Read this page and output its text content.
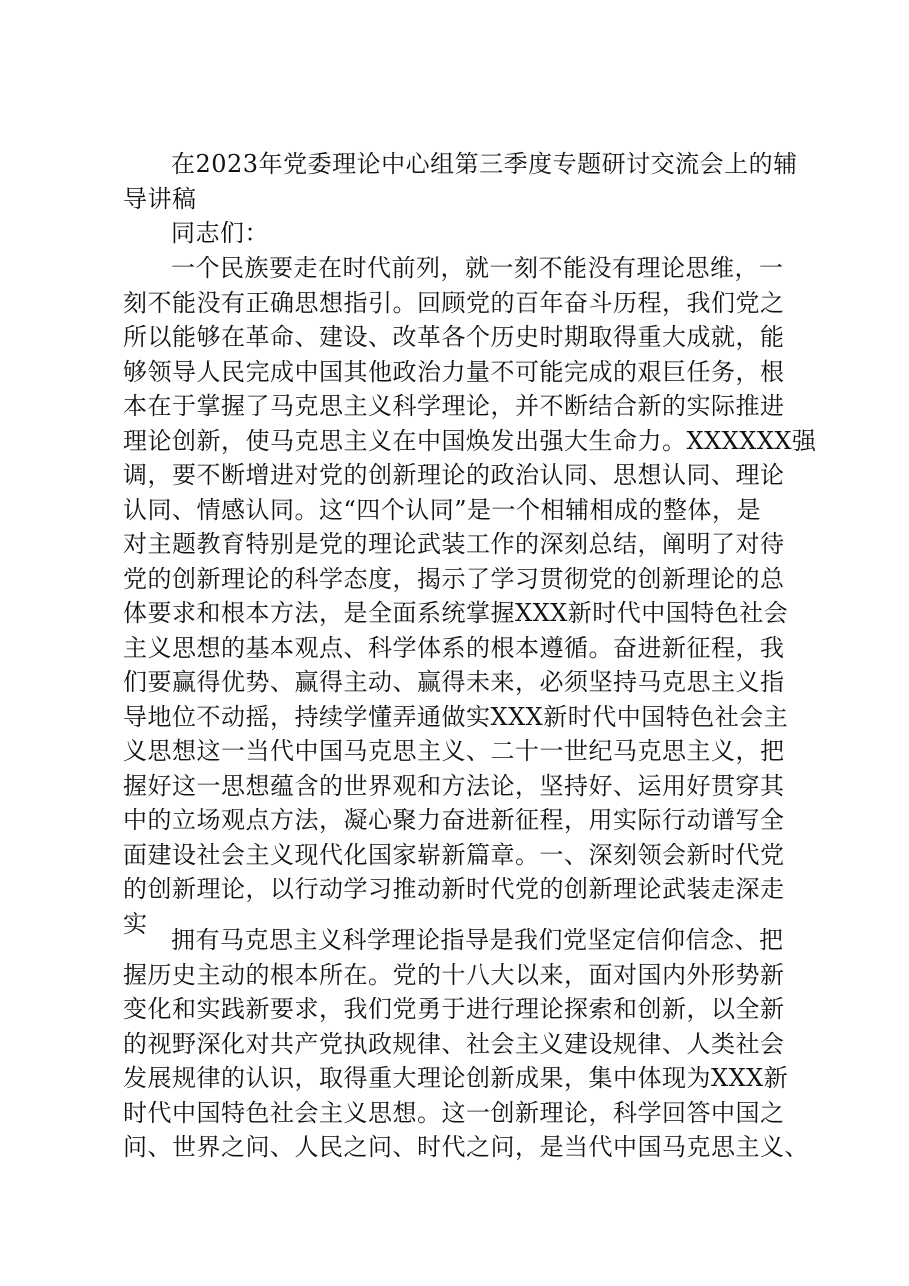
在2023年党委理论中心组第三季度专题研讨交流会上的辅
导讲稿
同志们：
一个民族要走在时代前列，就一刻不能没有理论思维，一
刻不能没有正确思想指引。回顾党的百年奋斗历程，我们党之
所以能够在革命、建设、改革各个历史时期取得重大成就，能
够领导人民完成中国其他政治力量不可能完成的艰巨任务，根
本在于掌握了马克思主义科学理论，并不断结合新的实际推进
理论创新，使马克思主义在中国焕发出强大生命力。XXXXXX强
调，要不断增进对党的创新理论的政治认同、思想认同、理论
认同、情感认同。这“四个认同”是一个相辅相成的整体，是
对主题教育特别是党的理论武装工作的深刻总结，阐明了对待
党的创新理论的科学态度，揭示了学习贯彻党的创新理论的总
体要求和根本方法，是全面系统掌握XXX新时代中国特色社会
主义思想的基本观点、科学体系的根本遵循。奋进新征程，我
们要赢得优势、赢得主动、赢得未来，必须坚持马克思主义指
导地位不动摇，持续学懂弄通做实XXX新时代中国特色社会主
义思想这一当代中国马克思主义、二十一世纪马克思主义，把
握好这一思想蕴含的世界观和方法论，坚持好、运用好贯穿其
中的立场观点方法，凝心聚力奋进新征程，用实际行动谱写全
面建设社会主义现代化国家崭新篇章。一、深刻领会新时代党
的创新理论，以行动学习推动新时代党的创新理论武装走深走
实
拥有马克思主义科学理论指导是我们党坚定信仰信念、把
握历史主动的根本所在。党的十八大以来，面对国内外形势新
变化和实践新要求，我们党勇于进行理论探索和创新，以全新
的视野深化对共产党执政规律、社会主义建设规律、人类社会
发展规律的认识，取得重大理论创新成果，集中体现为XXX新
时代中国特色社会主义思想。这一创新理论，科学回答中国之
问、世界之问、人民之问、时代之问，是当代中国马克思主义、
